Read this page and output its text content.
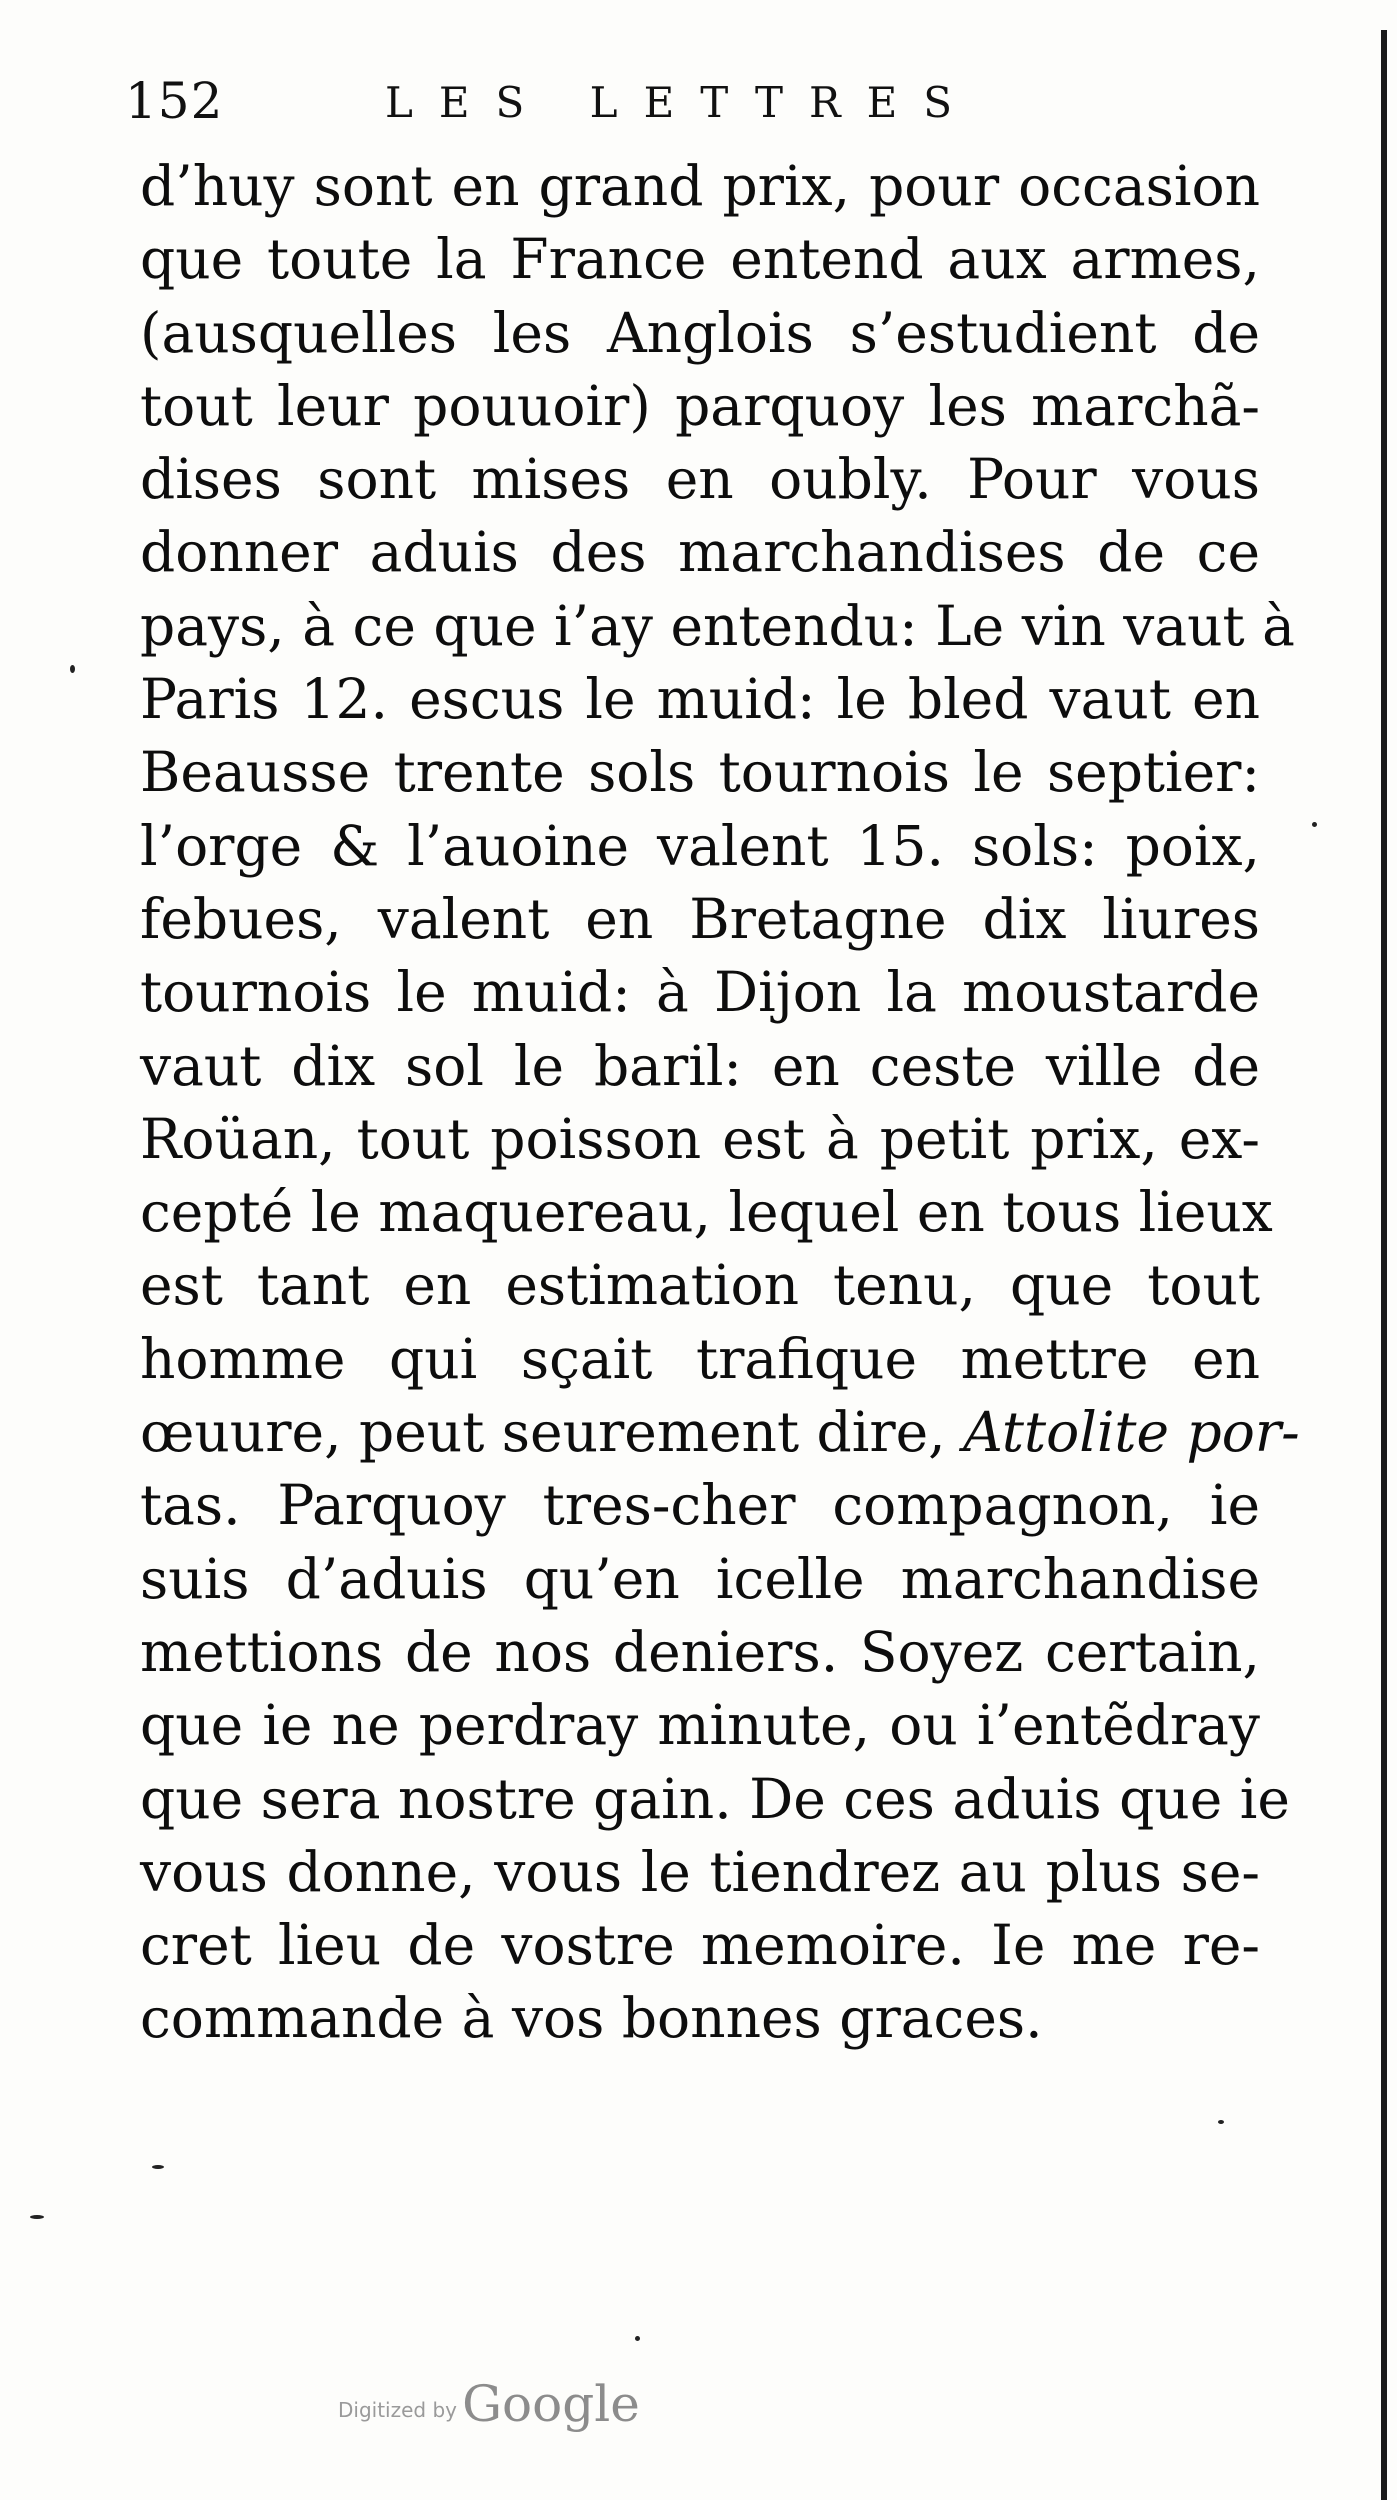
152	LES LETTRES
d’huy sont en grand prix, pour occasion
que toute la France entend aux armes,
(ausquelles les Anglois s’estudient de
tout leur pouuoir) parquoy les marchã-
dises sont mises en oubly. Pour vous
donner aduis des marchandises de ce
pays, à ce que i’ay entendu: Le vin vaut à
Paris 12. escus le muid: le bled vaut en
Beausse trente sols tournois le septier:
l’orge & l’auoine valent 15. sols: poix,
febues, valent en Bretagne dix liures
tournois le muid: à Dijon la moustarde
vaut dix sol le baril: en ceste ville de
Roüan, tout poisson est à petit prix, ex-
cepté le maquereau, lequel en tous lieux
est tant en estimation tenu, que tout
homme qui sçait trafique mettre en
œuure, peut seurement dire, Attolite por-
tas. Parquoy tres-cher compagnon, ie
suis d’aduis qu’en icelle marchandise
mettions de nos deniers. Soyez certain,
que ie ne perdray minute, ou i’entẽdray
que sera nostre gain. De ces aduis que ie
vous donne, vous le tiendrez au plus se-
cret lieu de vostre memoire. Ie me re-
commande à vos bonnes graces.
Digitized by Google
